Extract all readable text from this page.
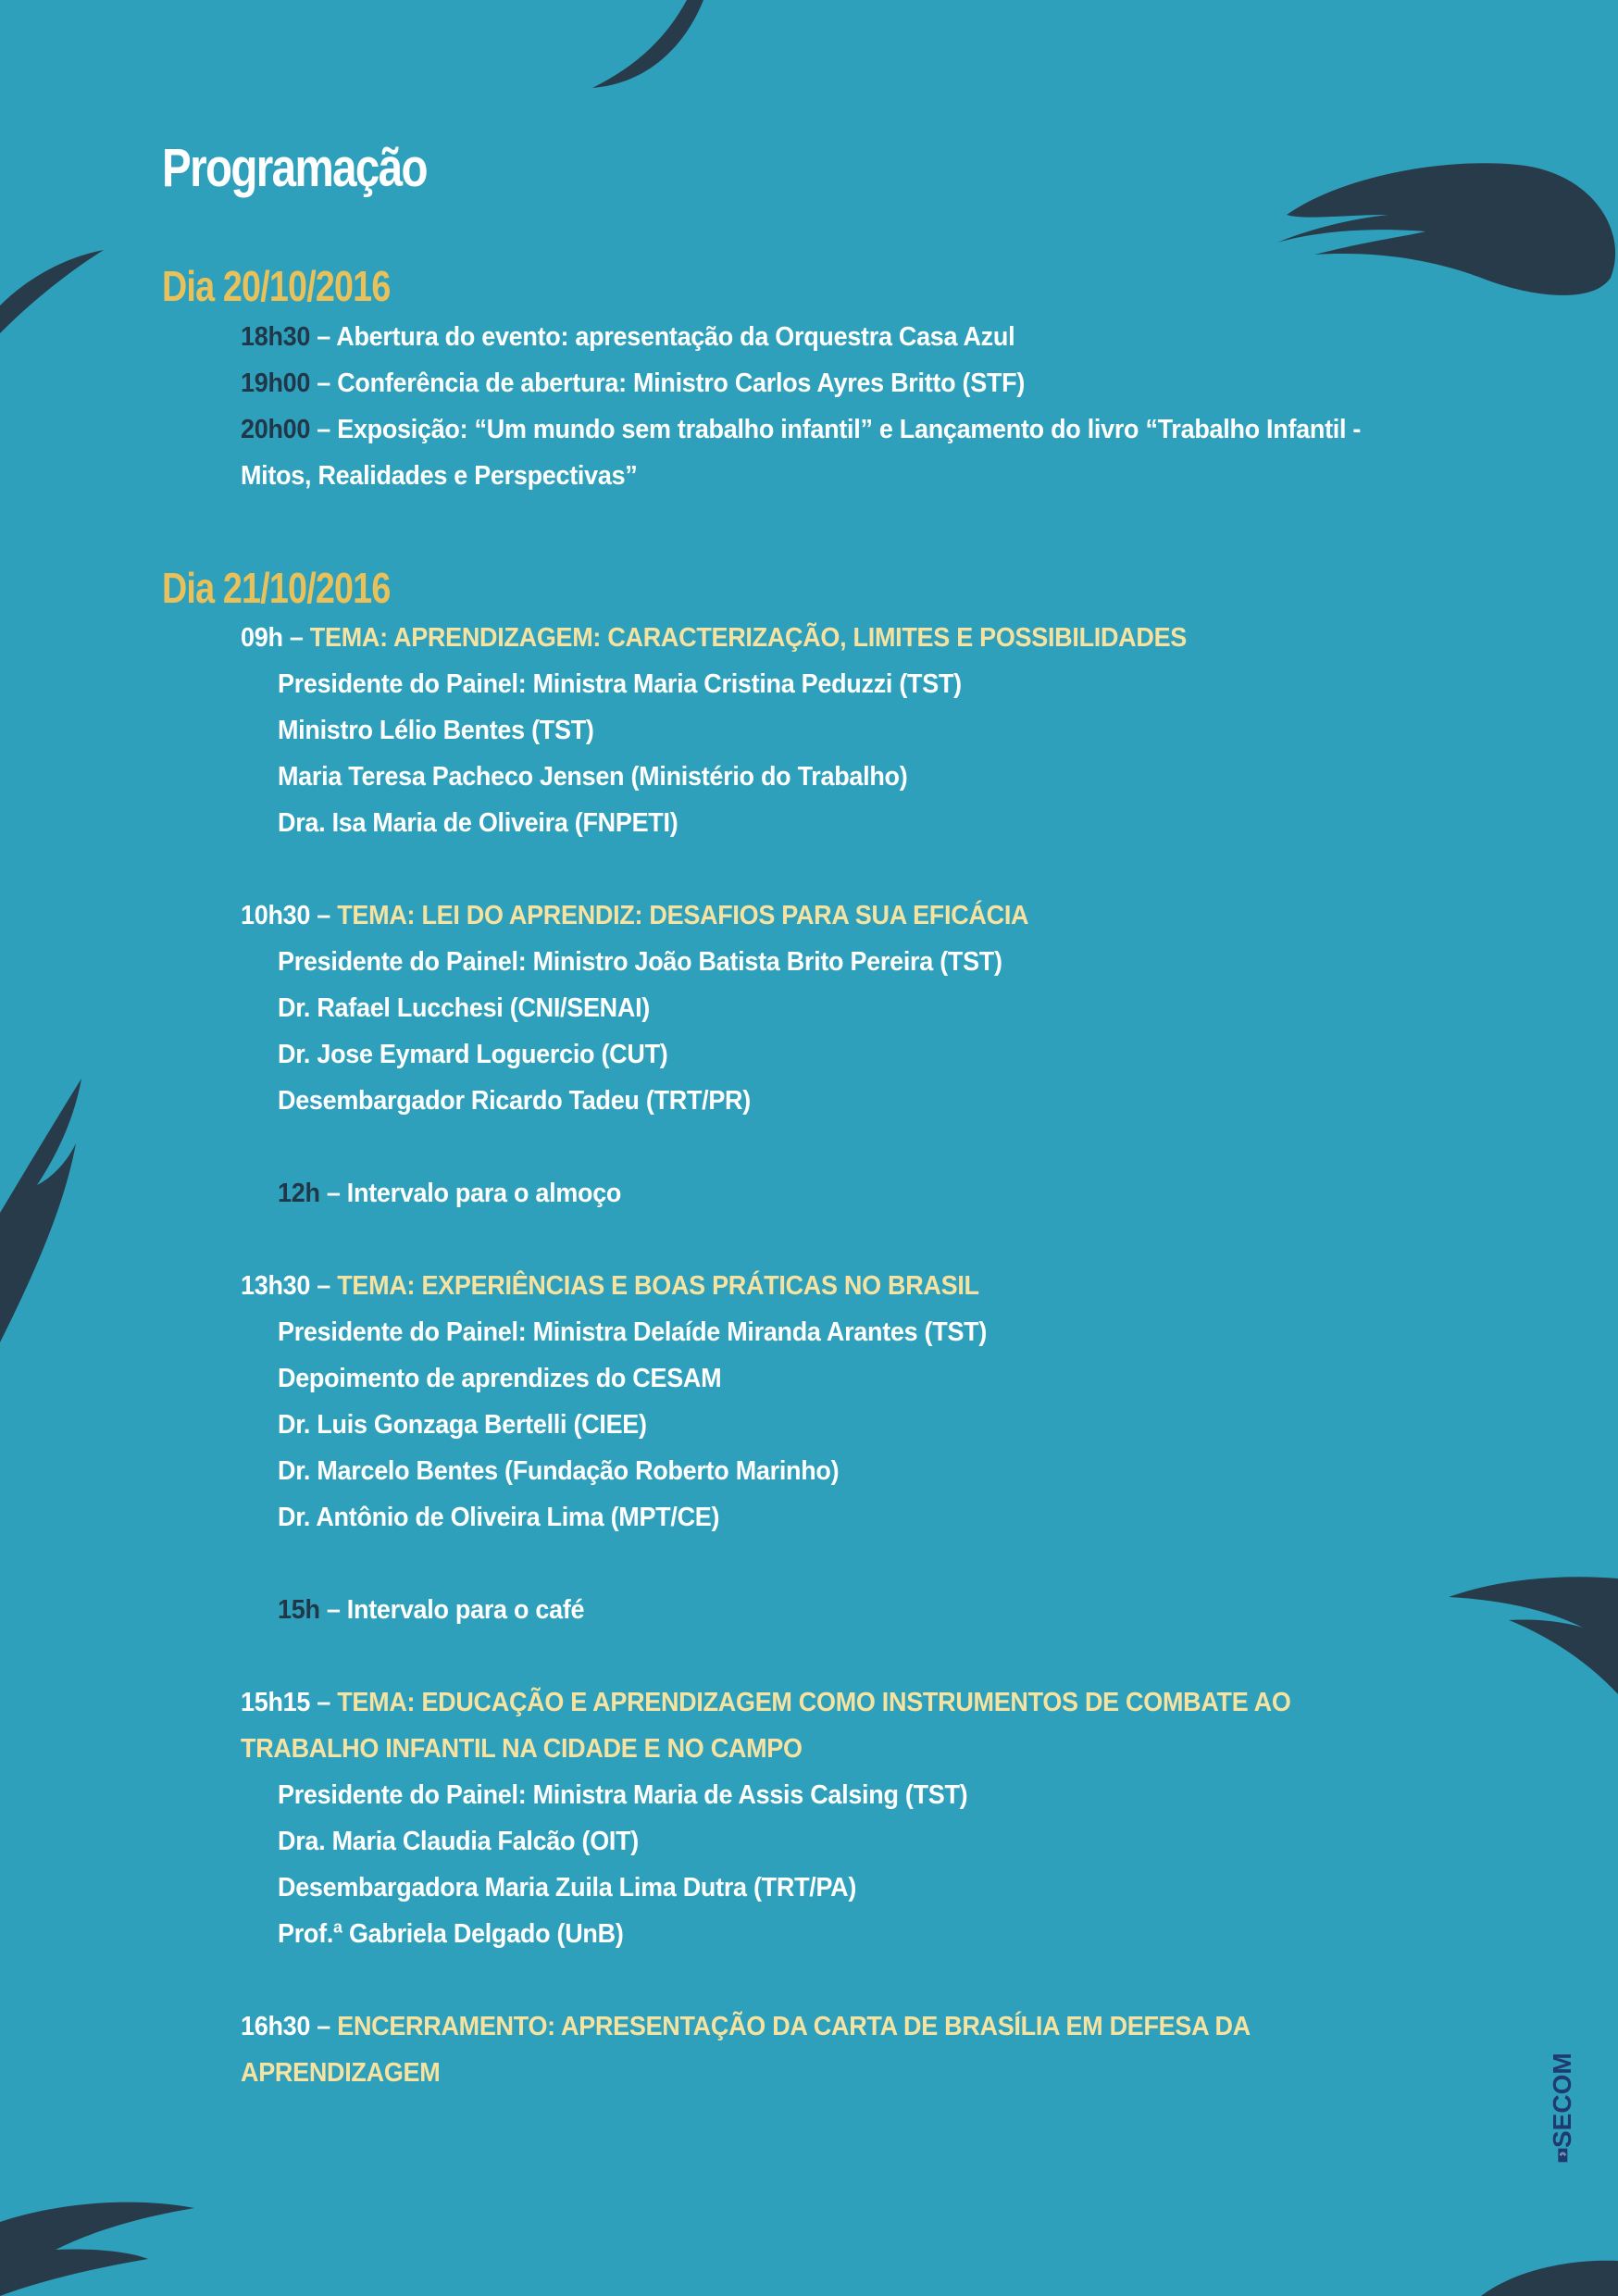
Programação
Dia 20/10/2016
18h30 – Abertura do evento: apresentação da Orquestra Casa Azul
19h00 – Conferência de abertura: Ministro Carlos Ayres Britto (STF)
20h00 – Exposição: “Um mundo sem trabalho infantil” e Lançamento do livro “Trabalho Infantil -
Mitos, Realidades e Perspectivas”
Dia 21/10/2016
09h – TEMA: APRENDIZAGEM: CARACTERIZAÇÃO, LIMITES E POSSIBILIDADES
Presidente do Painel: Ministra Maria Cristina Peduzzi (TST)
Ministro Lélio Bentes (TST)
Maria Teresa Pacheco Jensen (Ministério do Trabalho)
Dra. Isa Maria de Oliveira (FNPETI)
10h30 – TEMA: LEI DO APRENDIZ: DESAFIOS PARA SUA EFICÁCIA
Presidente do Painel: Ministro João Batista Brito Pereira (TST)
Dr. Rafael Lucchesi (CNI/SENAI)
Dr. Jose Eymard Loguercio (CUT)
Desembargador Ricardo Tadeu (TRT/PR)
12h – Intervalo para o almoço
13h30 – TEMA: EXPERIÊNCIAS E BOAS PRÁTICAS NO BRASIL
Presidente do Painel: Ministra Delaíde Miranda Arantes (TST)
Depoimento de aprendizes do CESAM
Dr. Luis Gonzaga Bertelli (CIEE)
Dr. Marcelo Bentes (Fundação Roberto Marinho)
Dr. Antônio de Oliveira Lima (MPT/CE)
15h – Intervalo para o café
15h15 – TEMA: EDUCAÇÃO E APRENDIZAGEM COMO INSTRUMENTOS DE COMBATE AO
TRABALHO INFANTIL NA CIDADE E NO CAMPO
Presidente do Painel: Ministra Maria de Assis Calsing (TST)
Dra. Maria Claudia Falcão (OIT)
Desembargadora Maria Zuila Lima Dutra (TRT/PA)
Prof.ª Gabriela Delgado (UnB)
16h30 – ENCERRAMENTO: APRESENTAÇÃO DA CARTA DE BRASÍLIA EM DEFESA DA
APRENDIZAGEM	SECOM
